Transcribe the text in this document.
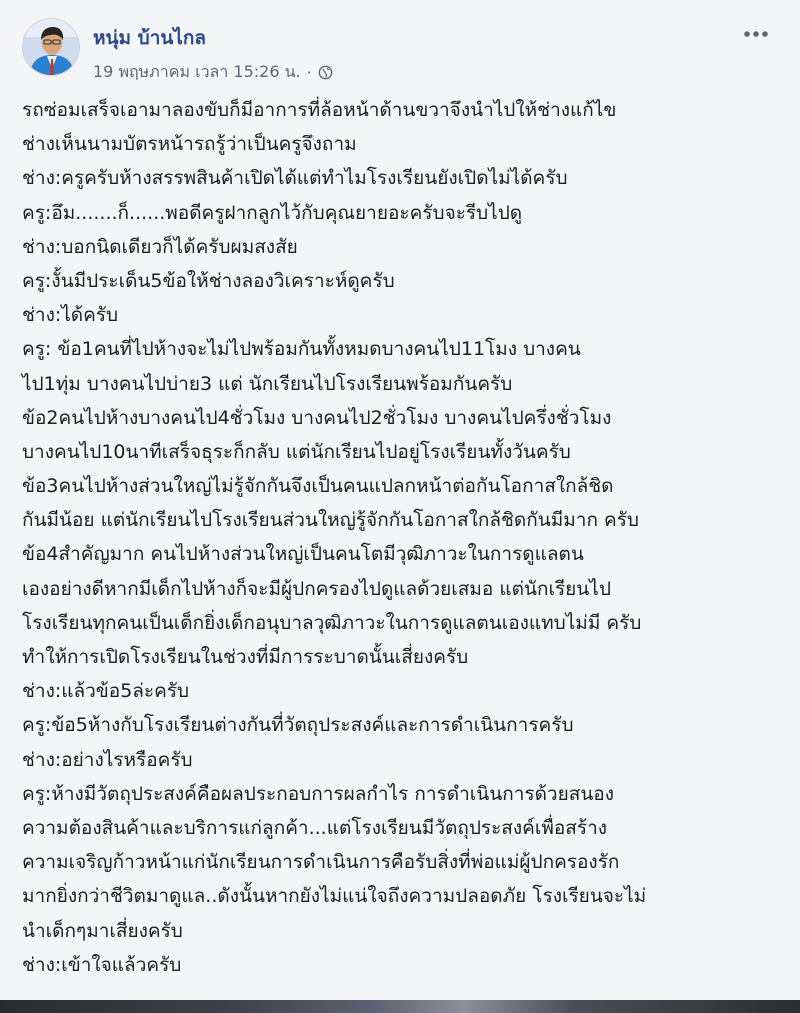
หนุ่ม บ้านไกล
19 พฤษภาคม เวลา 15:26 น. ·
รถซ่อมเสร็จเอามาลองขับก็มีอาการที่ล้อหน้าด้านขวาจึงนำไปให้ช่างแก้ไข
ช่างเห็นนามบัตรหน้ารถรู้ว่าเป็นครูจึงถาม
ช่าง:ครูครับห้างสรรพสินค้าเปิดได้แต่ทำไมโรงเรียนยังเปิดไม่ได้ครับ
ครู:อึม.......ก็......พอดีครูฝากลูกไว้กับคุณยายอะครับจะรีบไปดู
ช่าง:บอกนิดเดียวก็ได้ครับผมสงสัย
ครู:งั้นมีประเด็น5ข้อให้ช่างลองวิเคราะห์ดูครับ
ช่าง:ได้ครับ
ครู: ข้อ1คนที่ไปห้างจะไม่ไปพร้อมกันทั้งหมดบางคนไป11โมง บางคน
ไป1ทุ่ม บางคนไปบ่าย3 แต่ นักเรียนไปโรงเรียนพร้อมกันครับ
ข้อ2คนไปห้างบางคนไป4ชั่วโมง บางคนไป2ชั่วโมง บางคนไปครึ่งชั่วโมง
บางคนไป10นาทีเสร็จธุระก็กลับ แต่นักเรียนไปอยู่โรงเรียนทั้งวันครับ
ข้อ3คนไปห้างส่วนใหญ่ไม่รู้จักกันจึงเป็นคนแปลกหน้าต่อกันโอกาสใกล้ชิด
กันมีน้อย แต่นักเรียนไปโรงเรียนส่วนใหญ่รู้จักกันโอกาสใกล้ชิดกันมีมาก ครับ
ข้อ4สำคัญมาก คนไปห้างส่วนใหญ่เป็นคนโตมีวุฒิภาวะในการดูแลตน
เองอย่างดีหากมีเด็กไปห้างก็จะมีผู้ปกครองไปดูแลด้วยเสมอ แต่นักเรียนไป
โรงเรียนทุกคนเป็นเด็กยิ่งเด็กอนุบาลวุฒิภาวะในการดูแลตนเองแทบไม่มี ครับ
ทำให้การเปิดโรงเรียนในช่วงที่มีการระบาดนั้นเสี่ยงครับ
ช่าง:แล้วข้อ5ล่ะครับ
ครู:ข้อ5ห้างกับโรงเรียนต่างกันที่วัตถุประสงค์และการดำเนินการครับ
ช่าง:อย่างไรหรือครับ
ครู:ห้างมีวัตถุประสงค์คือผลประกอบการผลกำไร การดำเนินการด้วยสนอง
ความต้องสินค้าและบริการแก่ลูกค้า...แต่โรงเรียนมีวัตถุประสงค์เพื่อสร้าง
ความเจริญก้าวหน้าแก่นักเรียนการดำเนินการคือรับสิ่งที่พ่อแม่ผู้ปกครองรัก
มากยิ่งกว่าชีวิตมาดูแล..ดังนั้นหากยังไม่แน่ใจถึงความปลอดภัย โรงเรียนจะไม่
นำเด็กๆมาเสี่ยงครับ
ช่าง:เข้าใจแล้วครับ
